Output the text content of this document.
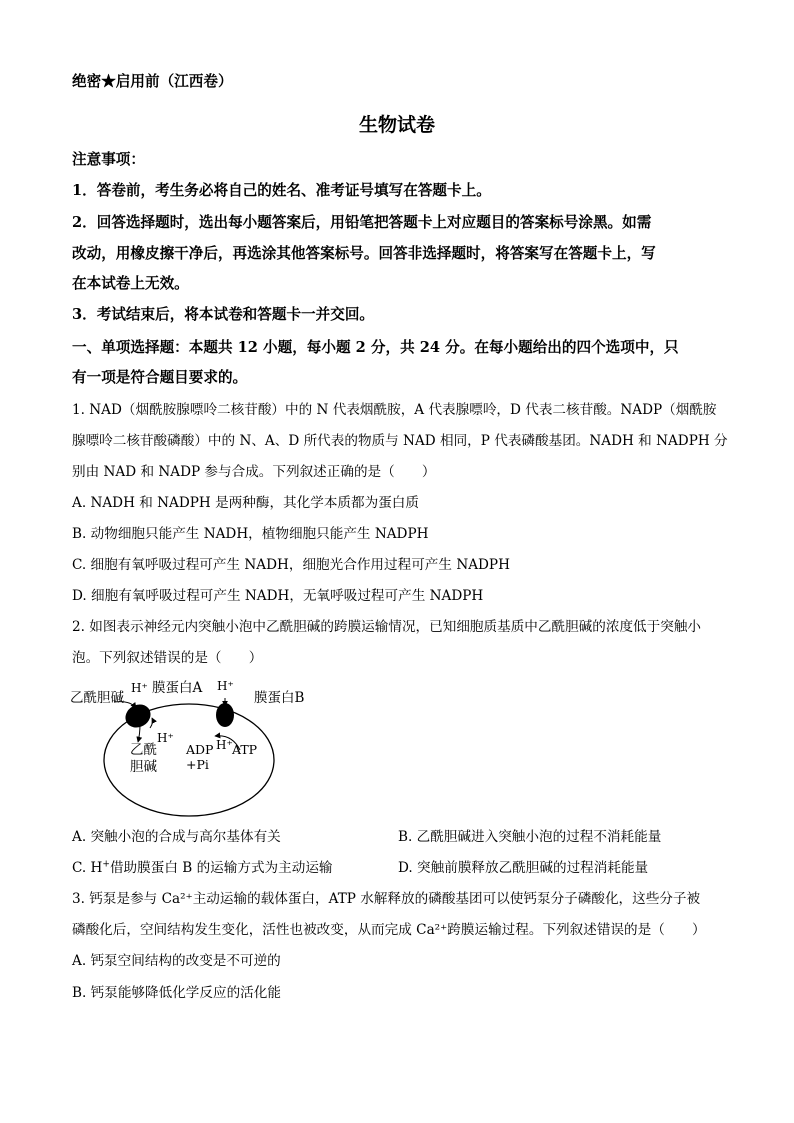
绝密★启用前（江西卷）
生物试卷
注意事项：
1．答卷前，考生务必将自己的姓名、准考证号填写在答题卡上。
2．回答选择题时，选出每小题答案后，用铅笔把答题卡上对应题目的答案标号涂黑。如需
改动，用橡皮擦干净后，再选涂其他答案标号。回答非选择题时，将答案写在答题卡上，写
在本试卷上无效。
3．考试结束后，将本试卷和答题卡一并交回。
一、单项选择题：本题共 12 小题，每小题 2 分，共 24 分。在每小题给出的四个选项中，只
有一项是符合题目要求的。
1. NAD（烟酰胺腺嘌呤二核苷酸）中的 N 代表烟酰胺，A 代表腺嘌呤，D 代表二核苷酸。NADP（烟酰胺
腺嘌呤二核苷酸磷酸）中的 N、A、D 所代表的物质与 NAD 相同，P 代表磷酸基团。NADH 和 NADPH 分
别由 NAD 和 NADP 参与合成。下列叙述正确的是（　　）
A. NADH 和 NADPH 是两种酶，其化学本质都为蛋白质
B. 动物细胞只能产生 NADH，植物细胞只能产生 NADPH
C. 细胞有氧呼吸过程可产生 NADH，细胞光合作用过程可产生 NADPH
D. 细胞有氧呼吸过程可产生 NADH，无氧呼吸过程可产生 NADPH
2. 如图表示神经元内突触小泡中乙酰胆碱的跨膜运输情况，已知细胞质基质中乙酰胆碱的浓度低于突触小
泡。下列叙述错误的是（　　）
乙酰胆碱
H⁺ 膜蛋白A H⁺
膜蛋白B
H⁺
乙酰
胆碱
ADP H⁺ ATP
+Pi
A. 突触小泡的合成与高尔基体有关	B. 乙酰胆碱进入突触小泡的过程不消耗能量
C. H+借助膜蛋白 B 的运输方式为主动运输	D. 突触前膜释放乙酰胆碱的过程消耗能量
3. 钙泵是参与 Ca²⁺主动运输的载体蛋白，ATP 水解释放的磷酸基团可以使钙泵分子磷酸化，这些分子被
磷酸化后，空间结构发生变化，活性也被改变，从而完成 Ca²⁺跨膜运输过程。下列叙述错误的是（　　）
A. 钙泵空间结构的改变是不可逆的
B. 钙泵能够降低化学反应的活化能
